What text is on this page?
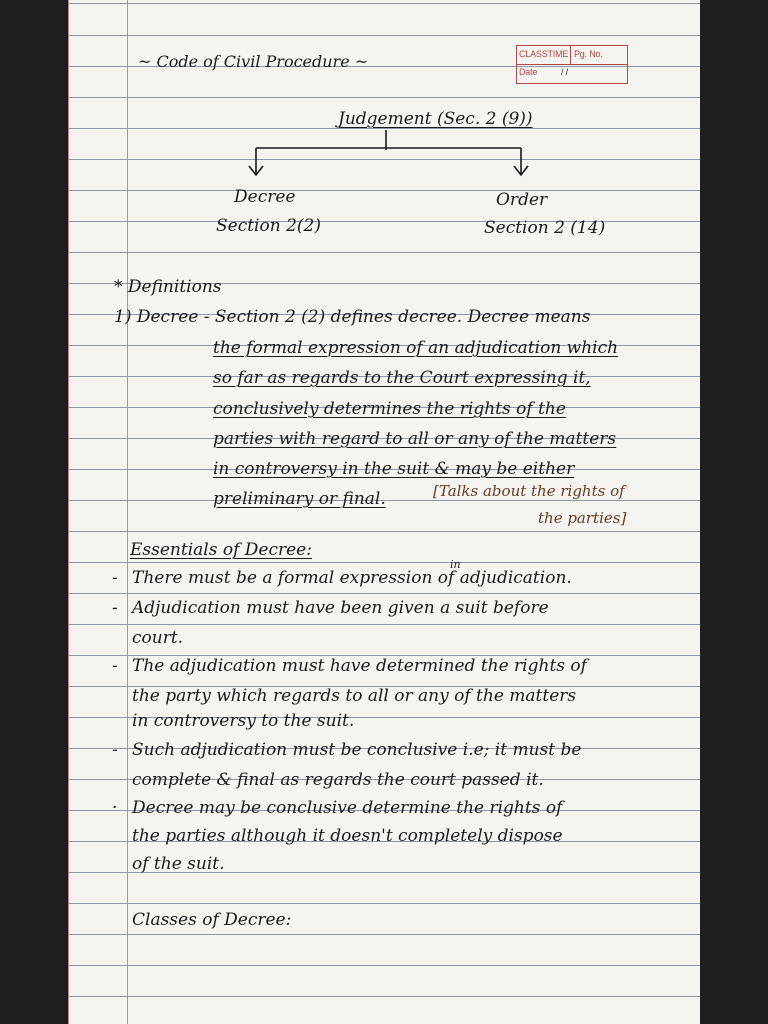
~ Code of Civil Procedure ~	CLASSTIME Pg. No.
Date	/ /
Judgement (Sec. 2 (9))
Decree
Section 2(2)
Order
Section 2 (14)
* Definitions
1) Decree - Section 2 (2) defines decree. Decree means
the formal expression of an adjudication which
so far as regards to the Court expressing it,
conclusively determines the rights of the
parties with regard to all or any of the matters
in controversy in the suit & may be either
preliminary or final.	[Talks about the rights of
the parties]
Essentials of Decree:
- There must be a formal expression of adjudication.
in
- Adjudication must have been given a suit before
court.
- The adjudication must have determined the rights of
the party which regards to all or any of the matters
in controversy to the suit.
- Such adjudication must be conclusive i.e; it must be
complete & final as regards the court passed it.
· Decree may be conclusive determine the rights of
the parties although it doesn't completely dispose
of the suit.
Classes of Decree:
